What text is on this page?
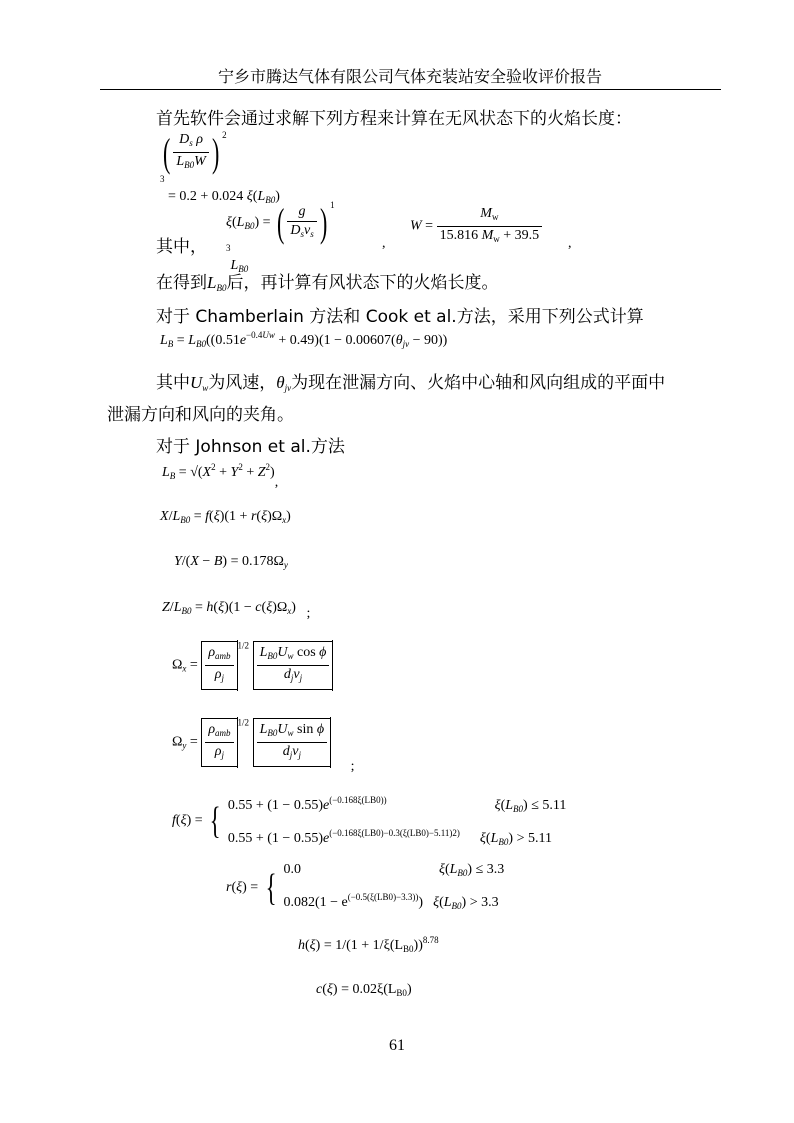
宁乡市腾达气体有限公司气体充装站安全验收评价报告
首先软件会通过求解下列方程来计算在无风状态下的火焰长度：
( $\frac{D_s \rho}{L_{B0}W}$ ) $^{2 3}$ = 0.2 + 0.024 $\xi(L_{B0})$
其中，
$\xi(L_{B0})$ = ( $\frac{g}{D_s\nu_s}$ ) $^{1 3}L_{B0}$
,
$W = \frac{M_w}{15.816 M_w + 39.5}$ ,
在得到$L_{B0}$后，再计算有风状态下的火焰长度。
对于 Chamberlain 方法和 Cook et al.方法，采用下列公式计算
$L_B = L_{B0}((0.51e^{-0.4Uw} + 0.49)(1 - 0.00607(\theta_{jv} - 90))$
其中$U_w$为风速，$\theta_{jv}$为现在泄漏方向、火焰中心轴和风向组成的平面中
泄漏方向和风向的夹角。
对于 Johnson et al.方法
$L_B = √(X^2 + Y^2 + Z^2)$,
$X/L_{B0} = f(\xi)(1 + r(\xi)\Omega_x)$
$Y/(X - B) = 0.178\Omega_y$
$Z/L_{B0} = h(\xi)(1 - c(\xi)\Omega_x)$   ;
$\Omega_x = \frac{\rho_{amb}}{\rho_j} ^{1/2} \frac{L_{B0}U_w \cos \phi}{d_j\nu_j}$
$\Omega_y = \frac{\rho_{amb}}{\rho_j} ^{1/2} \frac{L_{B0}U_w \sin \phi}{d_j\nu_j}$
;
f(ξ) = { $0.55 + (1 - 0.55)e^{(-0.168\xi(LB0))}$	$\xi(L_{B0}) \le 5.11$
$0.55 + (1 - 0.55)e^{(-0.168\xi(LB0)-0.3(\xi(LB0)-5.11)2)}$ $\xi(L_{B0}) > 5.11$
r(ξ) = { 0.0	$\xi(L_{B0}) \le 3.3$
$0.082(1 - e^{(-0.5(\xi(LB0)-3.3))})$ $\xi(L_{B0}) > 3.3$
$h(\xi) = 1/(1 + 1/\xi(L_{B0}))^{8.78}$
$c(\xi) = 0.02\xi(L_{B0})$
61
